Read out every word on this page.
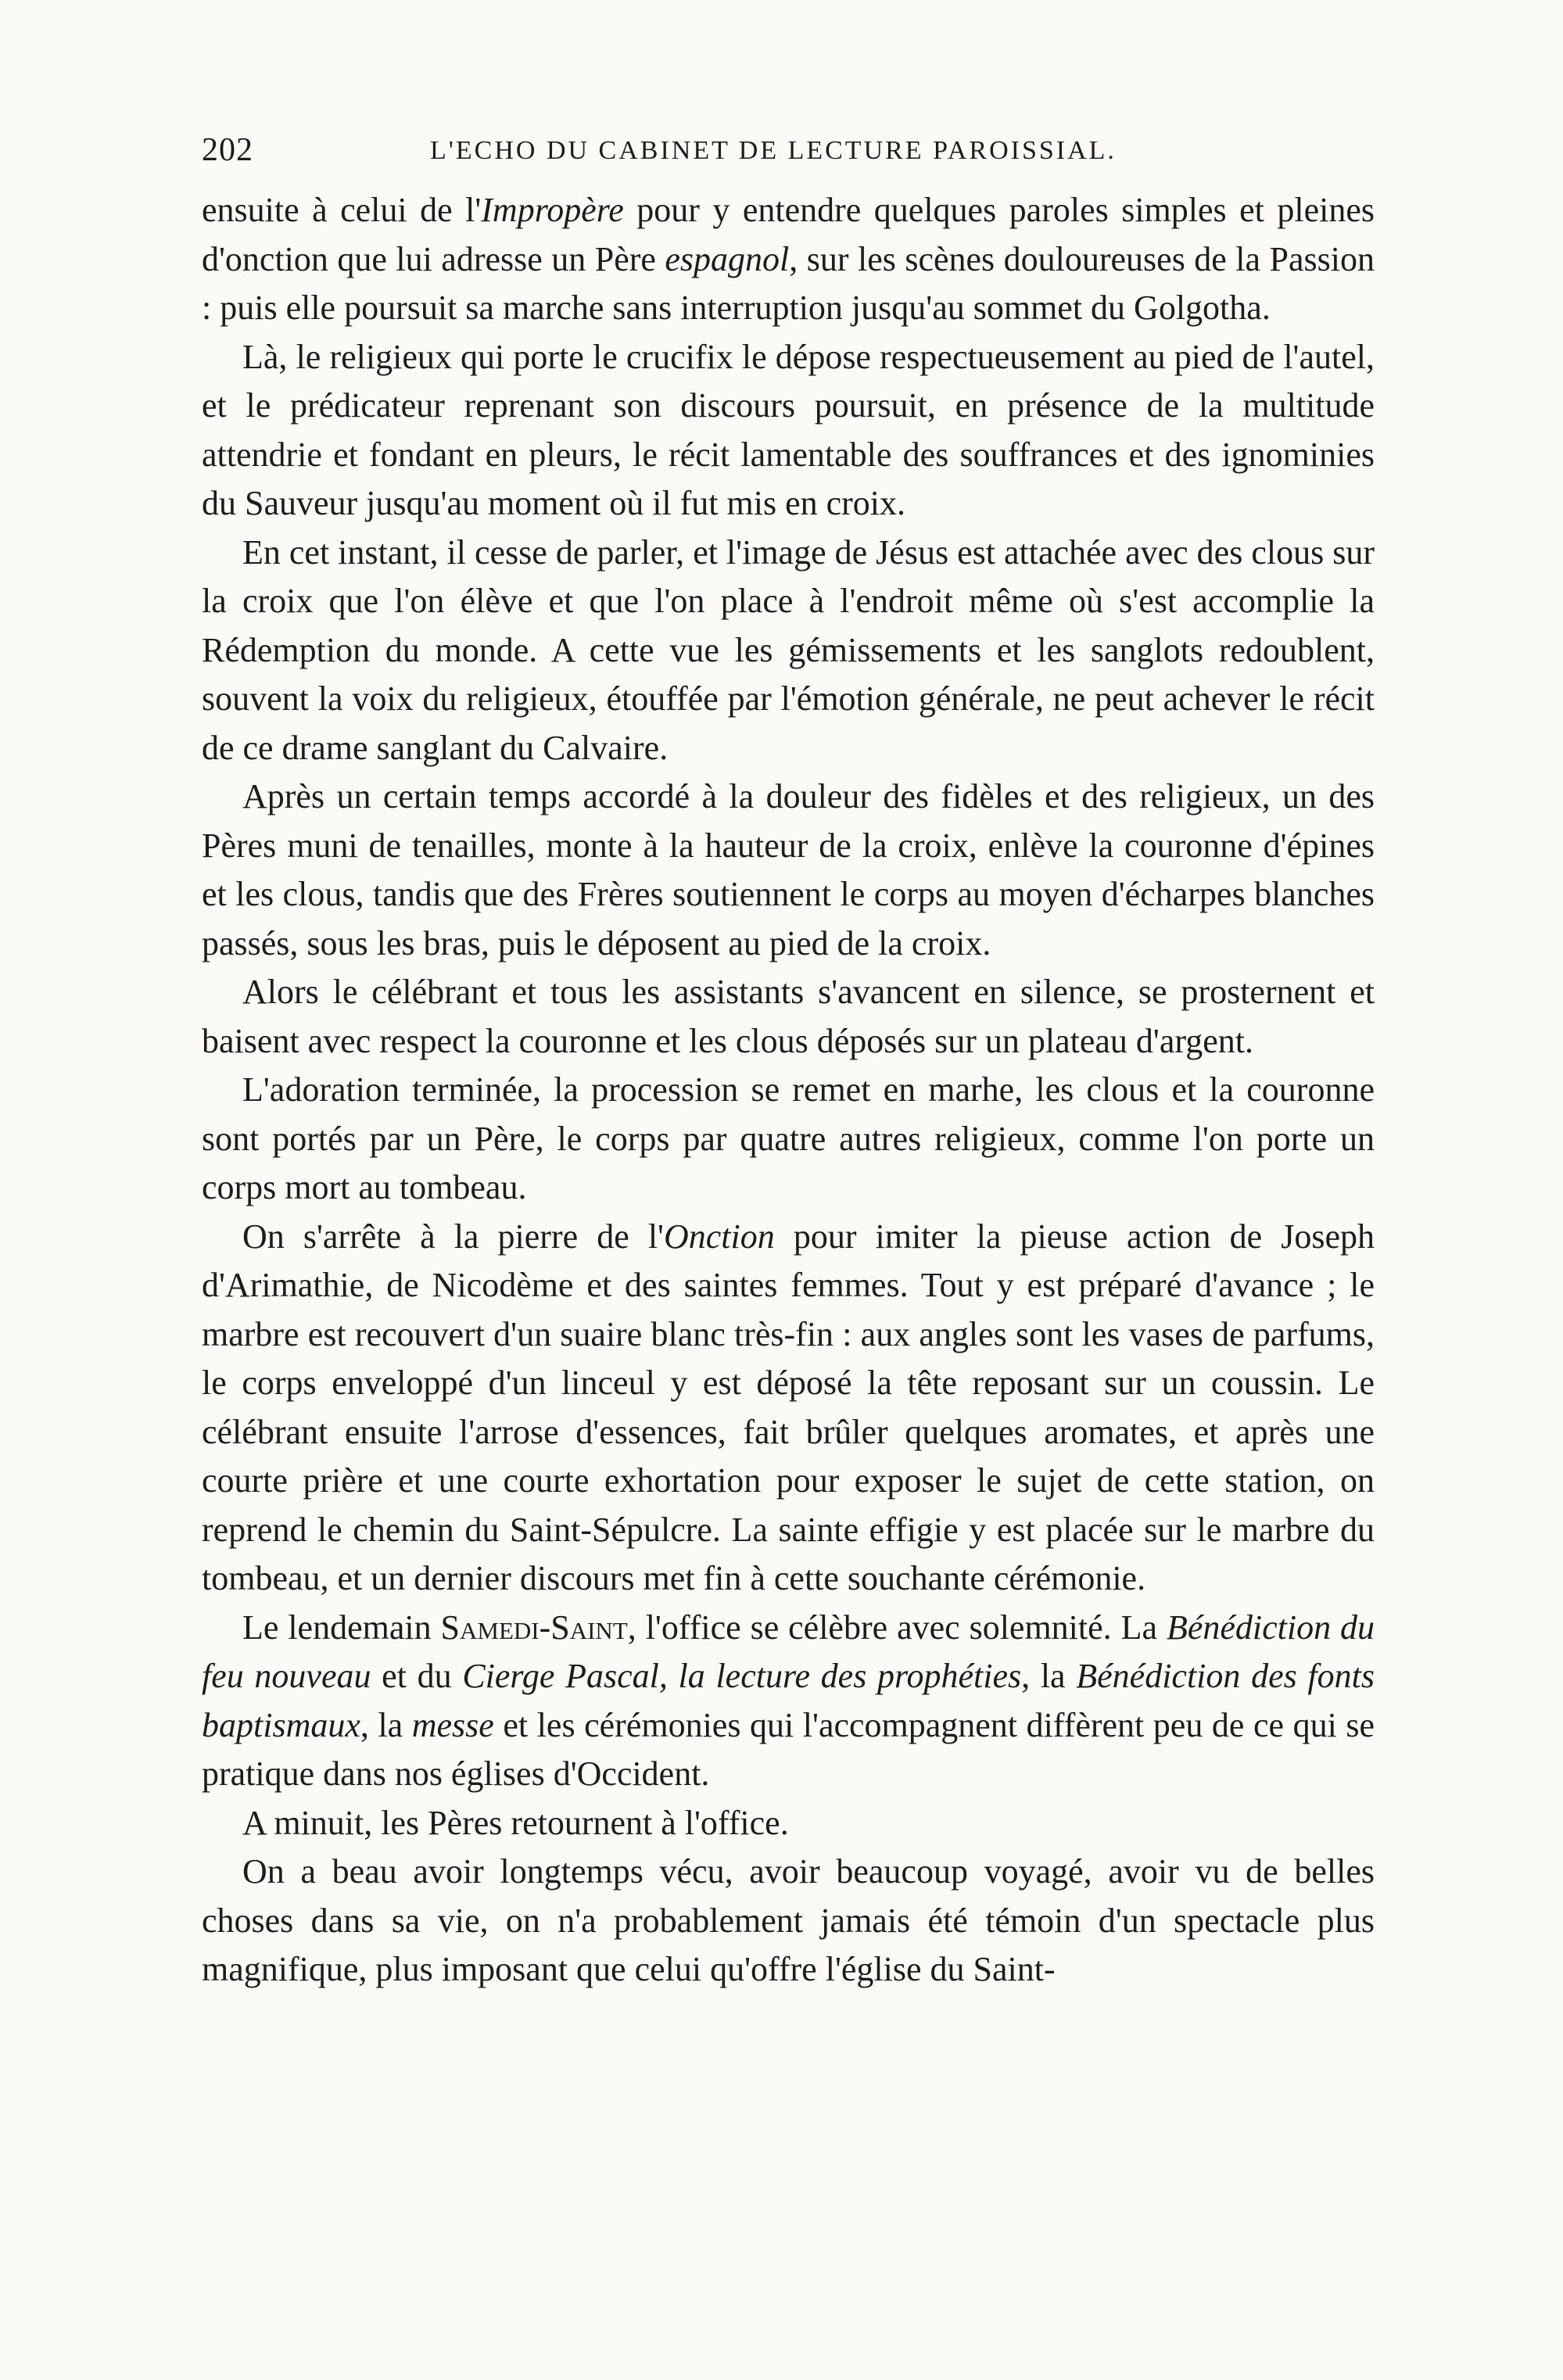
202	L'ECHO DU CABINET DE LECTURE PAROISSIAL.

ensuite à celui de l'Impropère pour y entendre quelques paroles simples et pleines d'onction que lui adresse un Père espagnol, sur les scènes douloureuses de la Passion : puis elle poursuit sa marche sans interruption jusqu'au sommet du Golgotha.

Là, le religieux qui porte le crucifix le dépose respectueusement au pied de l'autel, et le prédicateur reprenant son discours poursuit, en présence de la multitude attendrie et fondant en pleurs, le récit lamentable des souffrances et des ignominies du Sauveur jusqu'au moment où il fut mis en croix.

En cet instant, il cesse de parler, et l'image de Jésus est attachée avec des clous sur la croix que l'on élève et que l'on place à l'endroit même où s'est accomplie la Rédemption du monde. A cette vue les gémissements et les sanglots redoublent, souvent la voix du religieux, étouffée par l'émotion générale, ne peut achever le récit de ce drame sanglant du Calvaire.

Après un certain temps accordé à la douleur des fidèles et des religieux, un des Pères muni de tenailles, monte à la hauteur de la croix, enlève la couronne d'épines et les clous, tandis que des Frères soutiennent le corps au moyen d'écharpes blanches passés, sous les bras, puis le déposent au pied de la croix.

Alors le célébrant et tous les assistants s'avancent en silence, se prosternent et baisent avec respect la couronne et les clous déposés sur un plateau d'argent.

L'adoration terminée, la procession se remet en marhe, les clous et la couronne sont portés par un Père, le corps par quatre autres religieux, comme l'on porte un corps mort au tombeau.

On s'arrête à la pierre de l'Onction pour imiter la pieuse action de Joseph d'Arimathie, de Nicodème et des saintes femmes. Tout y est préparé d'avance ; le marbre est recouvert d'un suaire blanc très-fin : aux angles sont les vases de parfums, le corps enveloppé d'un linceul y est déposé la tête reposant sur un coussin. Le célébrant ensuite l'arrose d'essences, fait brûler quelques aromates, et après une courte prière et une courte exhortation pour exposer le sujet de cette station, on reprend le chemin du Saint-Sépulcre. La sainte effigie y est placée sur le marbre du tombeau, et un dernier discours met fin à cette souchante cérémonie.

Le lendemain Samedi-Saint, l'office se célèbre avec solemnité. La Bénédiction du feu nouveau et du Cierge Pascal, la lecture des prophéties, la Bénédiction des fonts baptismaux, la messe et les cérémonies qui l'accompagnent diffèrent peu de ce qui se pratique dans nos églises d'Occident.

A minuit, les Pères retournent à l'office.

On a beau avoir longtemps vécu, avoir beaucoup voyagé, avoir vu de belles choses dans sa vie, on n'a probablement jamais été témoin d'un spectacle plus magnifique, plus imposant que celui qu'offre l'église du Saint-
